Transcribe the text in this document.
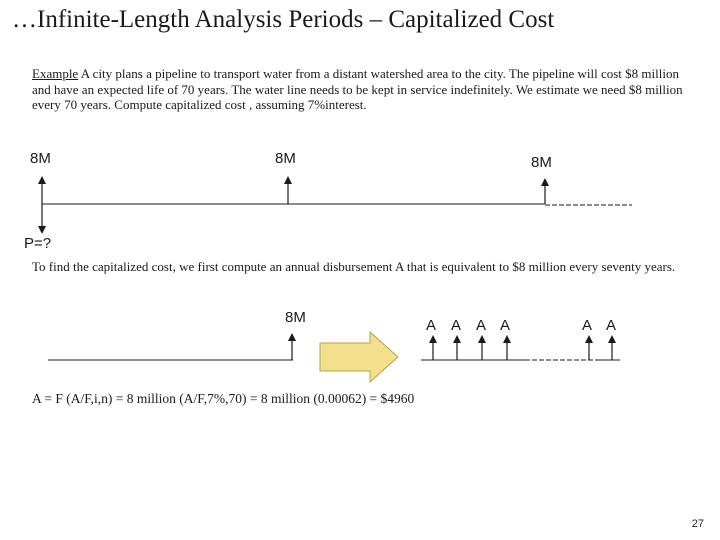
…Infinite-Length Analysis Periods – Capitalized Cost
Example A city plans a pipeline to transport water from a distant watershed area to the city. The pipeline will cost $8 million and have an expected life of 70 years. The water line needs to be kept in service indefinitely. We estimate we need $8 million every 70 years. Compute capitalized cost , assuming 7%interest.
8M	8M	8M
P=?
To find the capitalized cost, we first compute an annual disbursement A that is equivalent to $8 million every seventy years.
8M	A A A A	A A
A = F (A/F,i,n) = 8 million (A/F,7%,70) = 8 million (0.00062) = $4960
27
